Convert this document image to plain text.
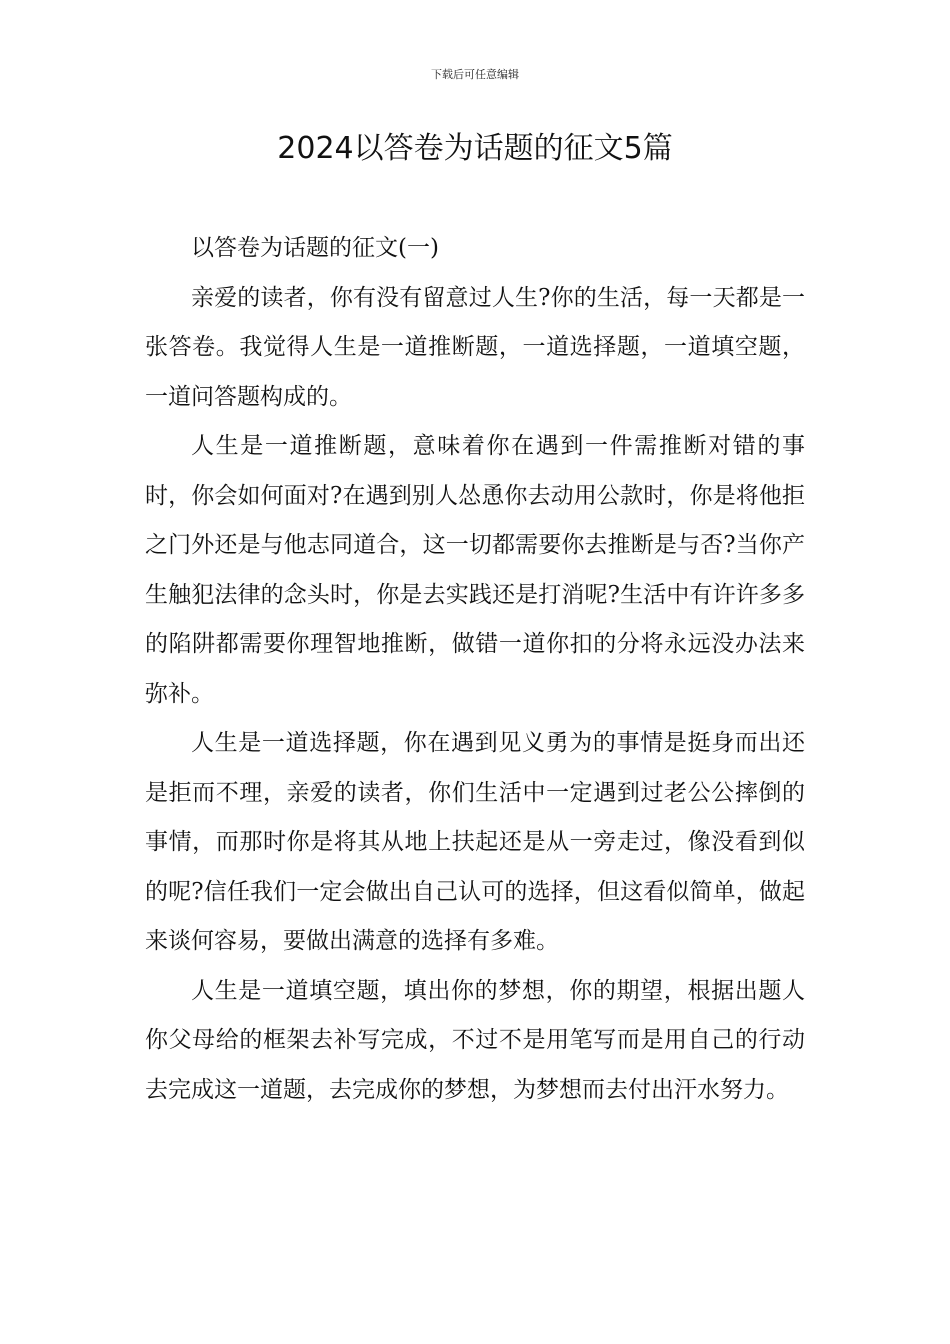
下载后可任意编辑
2024以答卷为话题的征文5篇

以答卷为话题的征文(一)

亲爱的读者，你有没有留意过人生?你的生活，每一天都是一张答卷。我觉得人生是一道推断题，一道选择题，一道填空题，一道问答题构成的。

人生是一道推断题，意味着你在遇到一件需推断对错的事时，你会如何面对?在遇到别人怂恿你去动用公款时，你是将他拒之门外还是与他志同道合，这一切都需要你去推断是与否?当你产生触犯法律的念头时，你是去实践还是打消呢?生活中有许许多多的陷阱都需要你理智地推断，做错一道你扣的分将永远没办法来弥补。

人生是一道选择题，你在遇到见义勇为的事情是挺身而出还是拒而不理，亲爱的读者，你们生活中一定遇到过老公公摔倒的事情，而那时你是将其从地上扶起还是从一旁走过，像没看到似的呢?信任我们一定会做出自己认可的选择，但这看似简单，做起来谈何容易，要做出满意的选择有多难。

人生是一道填空题，填出你的梦想，你的期望，根据出题人你父母给的框架去补写完成，不过不是用笔写而是用自己的行动去完成这一道题，去完成你的梦想，为梦想而去付出汗水努力。
